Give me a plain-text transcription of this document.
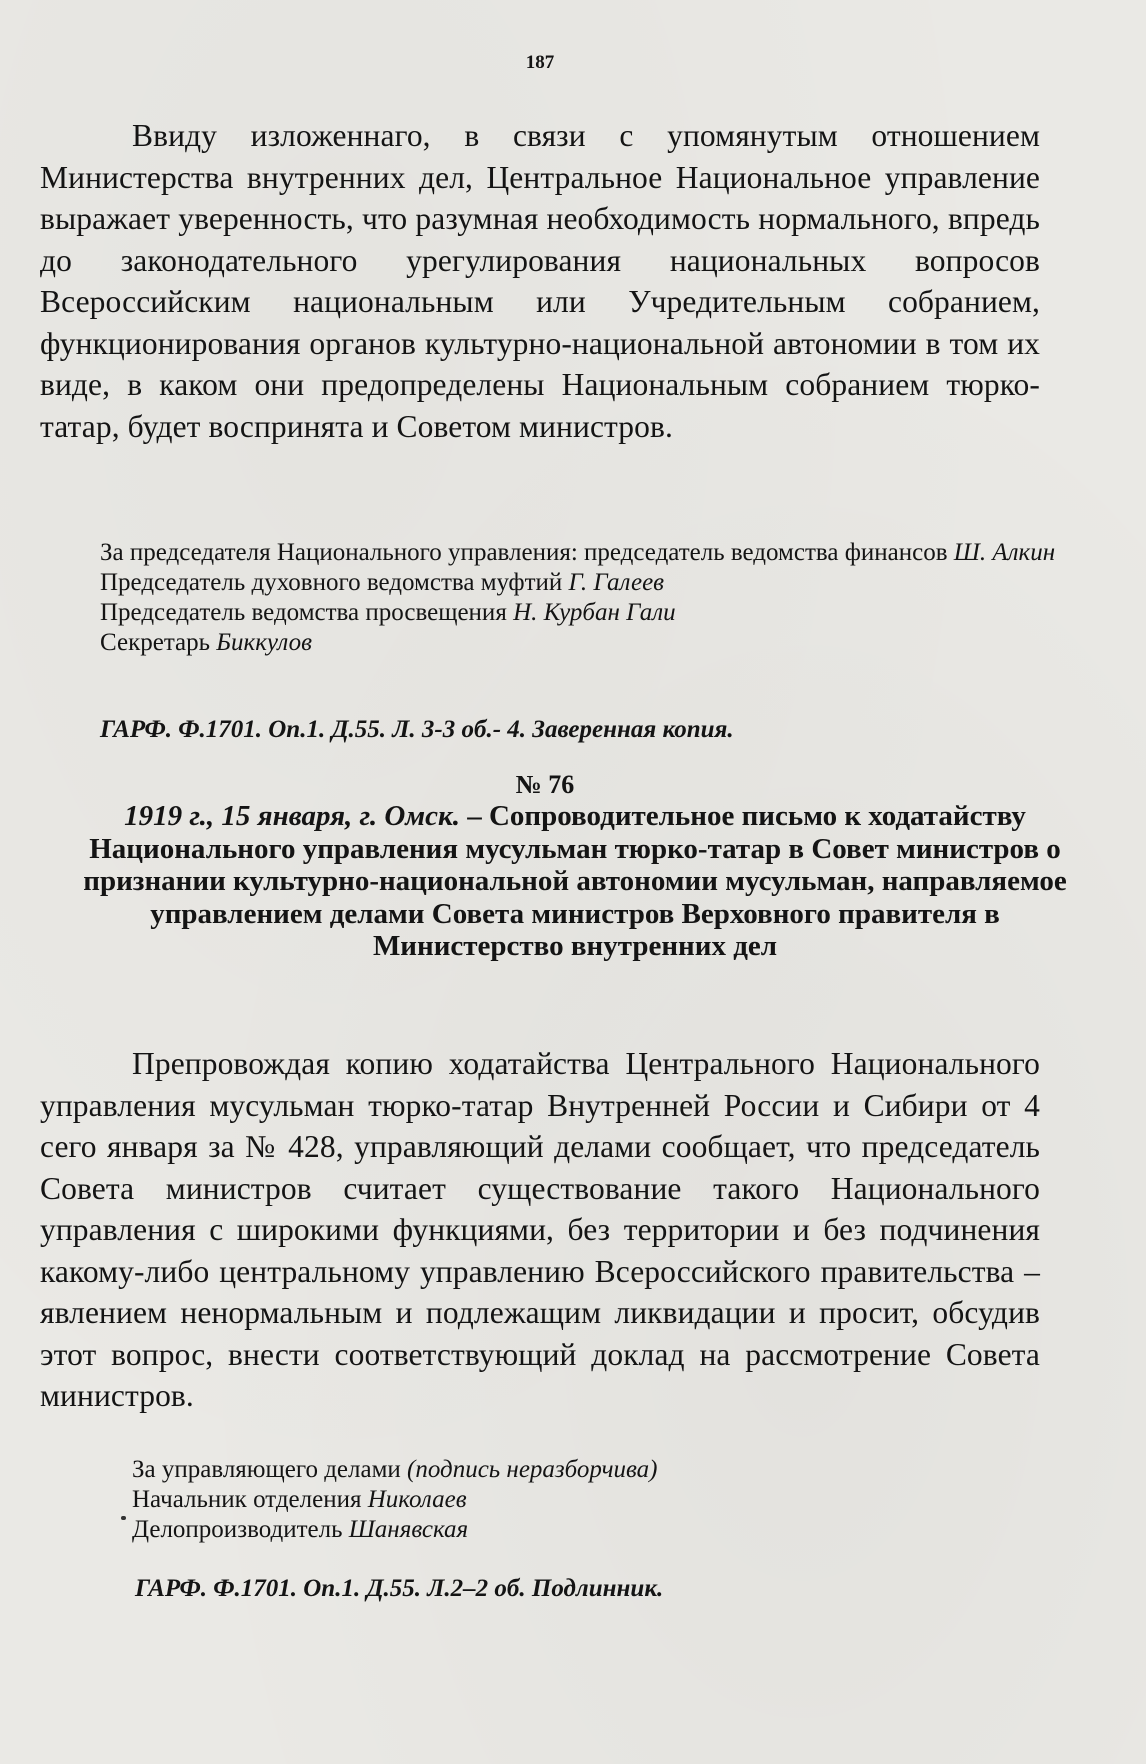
187

Ввиду изложеннаго, в связи с упомянутым отношением Министерства внутренних дел, Центральное Национальное управление выражает уверенность, что разумная необходимость нормального, впредь до законодательного урегулирования национальных вопросов Всероссийским национальным или Учредительным собранием, функционирования органов культурно-национальной автономии в том их виде, в каком они предопределены Национальным собранием тюрко-татар, будет воспринята и Советом министров.

За председателя Национального управления: председатель ведомства финансов Ш. Алкин
Председатель духовного ведомства муфтий Г. Галеев
Председатель ведомства просвещения Н. Курбан Гали
Секретарь Биккулов
ГАРФ. Ф.1701. Оп.1. Д.55. Л. 3-3 об.- 4. Заверенная копия.
№ 76
1919 г., 15 января, г. Омск. – Сопроводительное письмо к ходатайству Национального управления мусульман тюрко-татар в Совет министров о признании культурно-национальной автономии мусульман, направляемое управлением делами Совета министров Верховного правителя в Министерство внутренних дел

Препровождая копию ходатайства Центрального Национального управления мусульман тюрко-татар Внутренней России и Сибири от 4 сего января за № 428, управляющий делами сообщает, что председатель Совета министров считает существование такого Национального управления с широкими функциями, без территории и без подчинения какому-либо центральному управлению Всероссийского правительства – явлением ненормальным и подлежащим ликвидации и просит, обсудив этот вопрос, внести соответствующий доклад на рассмотрение Совета министров.

За управляющего делами (подпись неразборчива)
Начальник отделения Николаев
Делопроизводитель Шанявская
ГАРФ. Ф.1701. Оп.1. Д.55. Л.2–2 об. Подлинник.
